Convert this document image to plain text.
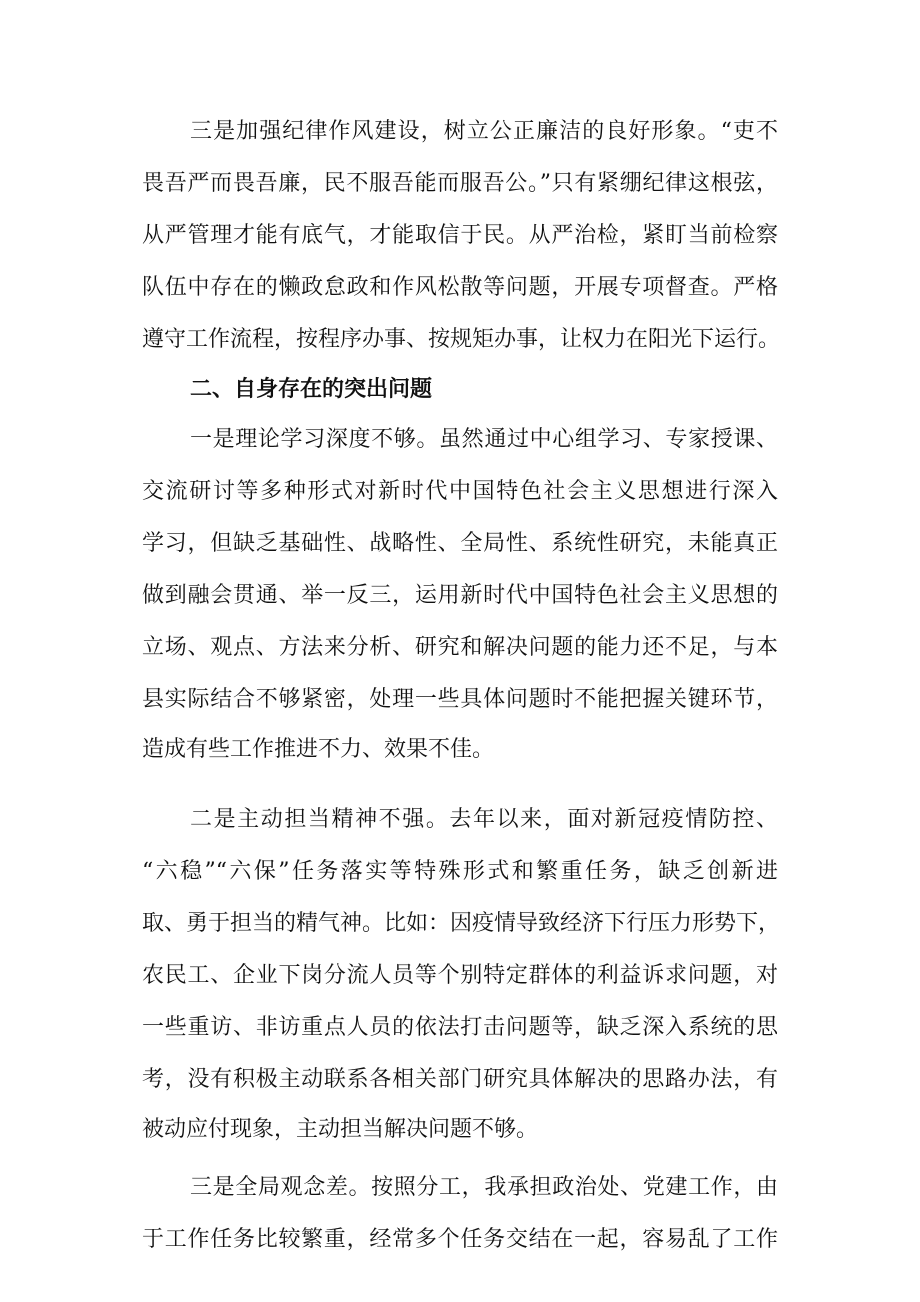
三是加强纪律作风建设，树立公正廉洁的良好形象。“吏不
畏吾严而畏吾廉，民不服吾能而服吾公。”只有紧绷纪律这根弦，
从严管理才能有底气，才能取信于民。从严治检，紧盯当前检察
队伍中存在的懒政怠政和作风松散等问题，开展专项督查。严格
遵守工作流程，按程序办事、按规矩办事，让权力在阳光下运行。
二、自身存在的突出问题
一是理论学习深度不够。虽然通过中心组学习、专家授课、
交流研讨等多种形式对新时代中国特色社会主义思想进行深入
学习，但缺乏基础性、战略性、全局性、系统性研究，未能真正
做到融会贯通、举一反三，运用新时代中国特色社会主义思想的
立场、观点、方法来分析、研究和解决问题的能力还不足，与本
县实际结合不够紧密，处理一些具体问题时不能把握关键环节，
造成有些工作推进不力、效果不佳。
二是主动担当精神不强。去年以来，面对新冠疫情防控、
“六稳”“六保”任务落实等特殊形式和繁重任务，缺乏创新进
取、勇于担当的精气神。比如：因疫情导致经济下行压力形势下，
农民工、企业下岗分流人员等个别特定群体的利益诉求问题，对
一些重访、非访重点人员的依法打击问题等，缺乏深入系统的思
考，没有积极主动联系各相关部门研究具体解决的思路办法，有
被动应付现象，主动担当解决问题不够。
三是全局观念差。按照分工，我承担政治处、党建工作，由
于工作任务比较繁重，经常多个任务交结在一起，容易乱了工作
